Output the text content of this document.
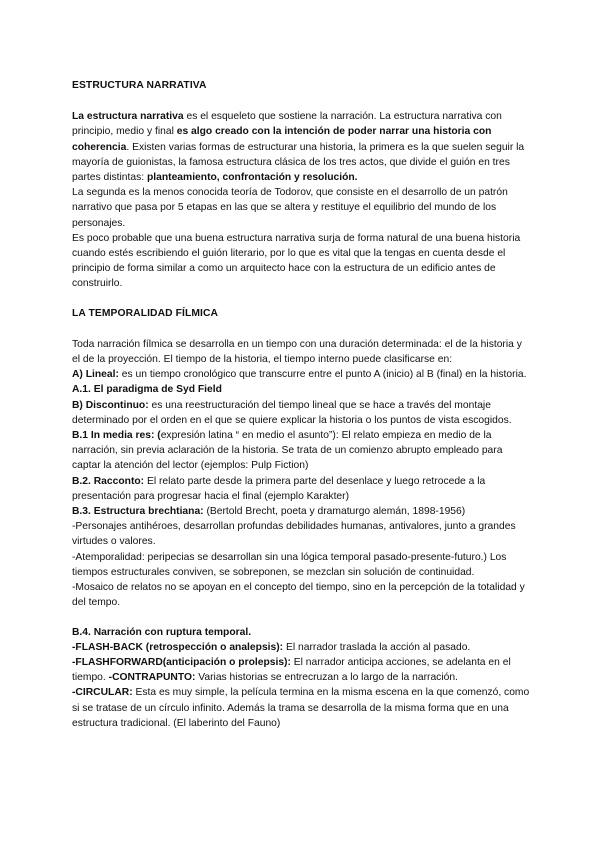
ESTRUCTURA NARRATIVA

La estructura narrativa es el esqueleto que sostiene la narración. La estructura narrativa con principio, medio y final es algo creado con la intención de poder narrar una historia con coherencia. Existen varias formas de estructurar una historia, la primera es la que suelen seguir la mayoría de guionistas, la famosa estructura clásica de los tres actos, que divide el guión en tres partes distintas: planteamiento, confrontación y resolución.

La segunda es la menos conocida teoría de Todorov, que consiste en el desarrollo de un patrón narrativo que pasa por 5 etapas en las que se altera y restituye el equilibrio del mundo de los personajes.

Es poco probable que una buena estructura narrativa surja de forma natural de una buena historia cuando estés escribiendo el guión literario, por lo que es vital que la tengas en cuenta desde el principio de forma similar a como un arquitecto hace con la estructura de un edificio antes de construirlo.

LA TEMPORALIDAD FÍLMICA

Toda narración fílmica se desarrolla en un tiempo con una duración determinada: el de la historia y el de la proyección. El tiempo de la historia, el tiempo interno puede clasificarse en:

A) Lineal: es un tiempo cronológico que transcurre entre el punto A (inicio) al B (final) en la historia. A.1. El paradigma de Syd Field

B) Discontinuo: es una reestructuración del tiempo lineal que se hace a través del montaje determinado por el orden en el que se quiere explicar la historia o los puntos de vista escogidos.

B.1 In media res: (expresión latina “ en medio el asunto”): El relato empieza en medio de la narración, sin previa aclaración de la historia. Se trata de un comienzo abrupto empleado para captar la atención del lector (ejemplos: Pulp Fiction)

B.2. Racconto: El relato parte desde la primera parte del desenlace y luego retrocede a la presentación para progresar hacia el final (ejemplo Karakter)

B.3. Estructura brechtiana: (Bertold Brecht, poeta y dramaturgo alemán, 1898-1956)

-Personajes antihéroes, desarrollan profundas debilidades humanas, antivalores, junto a grandes virtudes o valores.

-Atemporalidad: peripecias se desarrollan sin una lógica temporal pasado-presente-futuro.) Los tiempos estructurales conviven, se sobreponen, se mezclan sin solución de continuidad.

-Mosaico de relatos no se apoyan en el concepto del tiempo, sino en la percepción de la totalidad y del tempo.

B.4. Narración con ruptura temporal.

-FLASH-BACK (retrospección o analepsis): El narrador traslada la acción al pasado.

-FLASHFORWARD(anticipación o prolepsis): El narrador anticipa acciones, se adelanta en el tiempo. -CONTRAPUNTO: Varias historias se entrecruzan a lo largo de la narración.

-CIRCULAR: Esta es muy simple, la película termina en la misma escena en la que comenzó, como si se tratase de un círculo infinito. Además la trama se desarrolla de la misma forma que en una estructura tradicional. (El laberinto del Fauno)
